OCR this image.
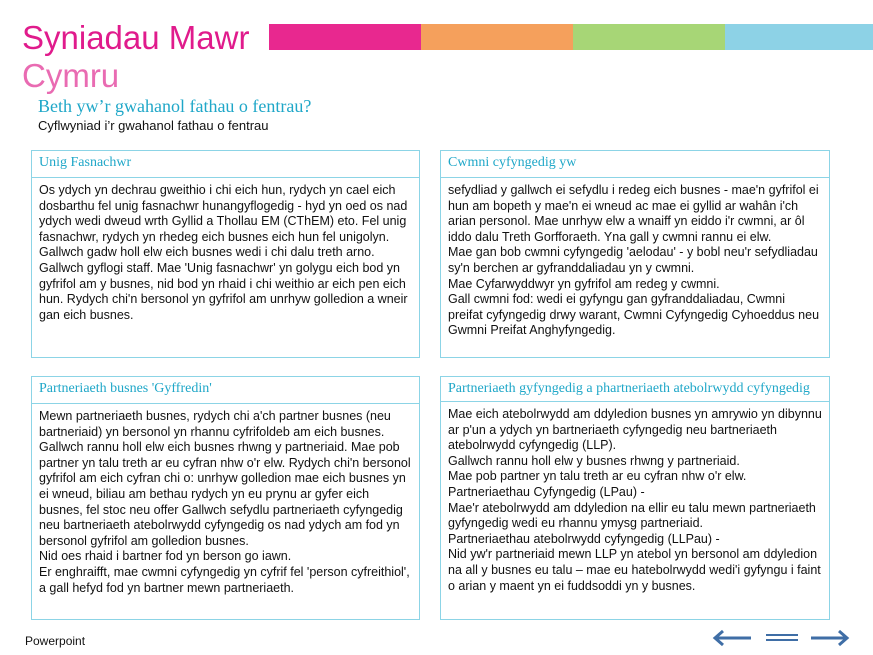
Syniadau Mawr
Cymru
Beth yw’r gwahanol fathau o fentrau?
Cyflwyniad i’r gwahanol fathau o fentrau
Unig Fasnachwr
Os ydych yn dechrau gweithio i chi eich hun, rydych yn cael eich dosbarthu fel unig fasnachwr hunangyflogedig - hyd yn oed os nad ydych wedi dweud wrth Gyllid a Thollau EM (CThEM) eto. Fel unig fasnachwr, rydych yn rhedeg eich busnes eich hun fel unigolyn. Gallwch gadw holl elw eich busnes wedi i chi dalu treth arno.
Gallwch gyflogi staff. Mae 'Unig fasnachwr' yn golygu eich bod yn gyfrifol am y busnes, nid bod yn rhaid i chi weithio ar eich pen eich hun. Rydych chi'n bersonol yn gyfrifol am unrhyw golledion a wneir gan eich busnes.
Cwmni cyfyngedig yw
sefydliad y gallwch ei sefydlu i redeg eich busnes - mae'n gyfrifol ei hun am bopeth y mae'n ei wneud ac mae ei gyllid ar wahân i'ch arian personol. Mae unrhyw elw a wnaiff yn eiddo i'r cwmni, ar ôl iddo dalu Treth Gorfforaeth. Yna gall y cwmni rannu ei elw.
Mae gan bob cwmni cyfyngedig 'aelodau' - y bobl neu'r sefydliadau sy'n berchen ar gyfranddaliadau yn y cwmni.
Mae Cyfarwyddwyr yn gyfrifol am redeg y cwmni.
Gall cwmni fod: wedi ei gyfyngu gan gyfranddaliadau, Cwmni preifat cyfyngedig drwy warant, Cwmni Cyfyngedig Cyhoeddus neu Gwmni Preifat Anghyfyngedig.
Partneriaeth busnes 'Gyffredin'
Mewn partneriaeth busnes, rydych chi a'ch partner busnes (neu bartneriaid) yn bersonol yn rhannu cyfrifoldeb am eich busnes. Gallwch rannu holl elw eich busnes rhwng y partneriaid. Mae pob partner yn talu treth ar eu cyfran nhw o'r elw. Rydych chi'n bersonol gyfrifol am eich cyfran chi o: unrhyw golledion mae eich busnes yn ei wneud, biliau am bethau rydych yn eu prynu ar gyfer eich busnes, fel stoc neu offer Gallwch sefydlu partneriaeth cyfyngedig neu bartneriaeth atebolrwydd cyfyngedig os nad ydych am fod yn bersonol gyfrifol am golledion busnes.
Nid oes rhaid i bartner fod yn berson go iawn.
Er enghraifft, mae cwmni cyfyngedig yn cyfrif fel 'person cyfreithiol', a gall hefyd fod yn bartner mewn partneriaeth.
Partneriaeth gyfyngedig a phartneriaeth atebolrwydd cyfyngedig
Mae eich atebolrwydd am ddyledion busnes yn amrywio yn dibynnu ar p'un a ydych yn bartneriaeth cyfyngedig neu bartneriaeth atebolrwydd cyfyngedig (LLP).
Gallwch rannu holl elw y busnes rhwng y partneriaid.
Mae pob partner yn talu treth ar eu cyfran nhw o'r elw.
Partneriaethau Cyfyngedig (LPau) -
Mae'r atebolrwydd am ddyledion na ellir eu talu mewn partneriaeth gyfyngedig wedi eu rhannu ymysg partneriaid.
Partneriaethau atebolrwydd cyfyngedig (LLPau) -
Nid yw'r partneriaid mewn LLP yn atebol yn bersonol am ddyledion na all y busnes eu talu – mae eu hatebolrwydd wedi'i gyfyngu i faint o arian y maent yn ei fuddsoddi yn y busnes.
Powerpoint
